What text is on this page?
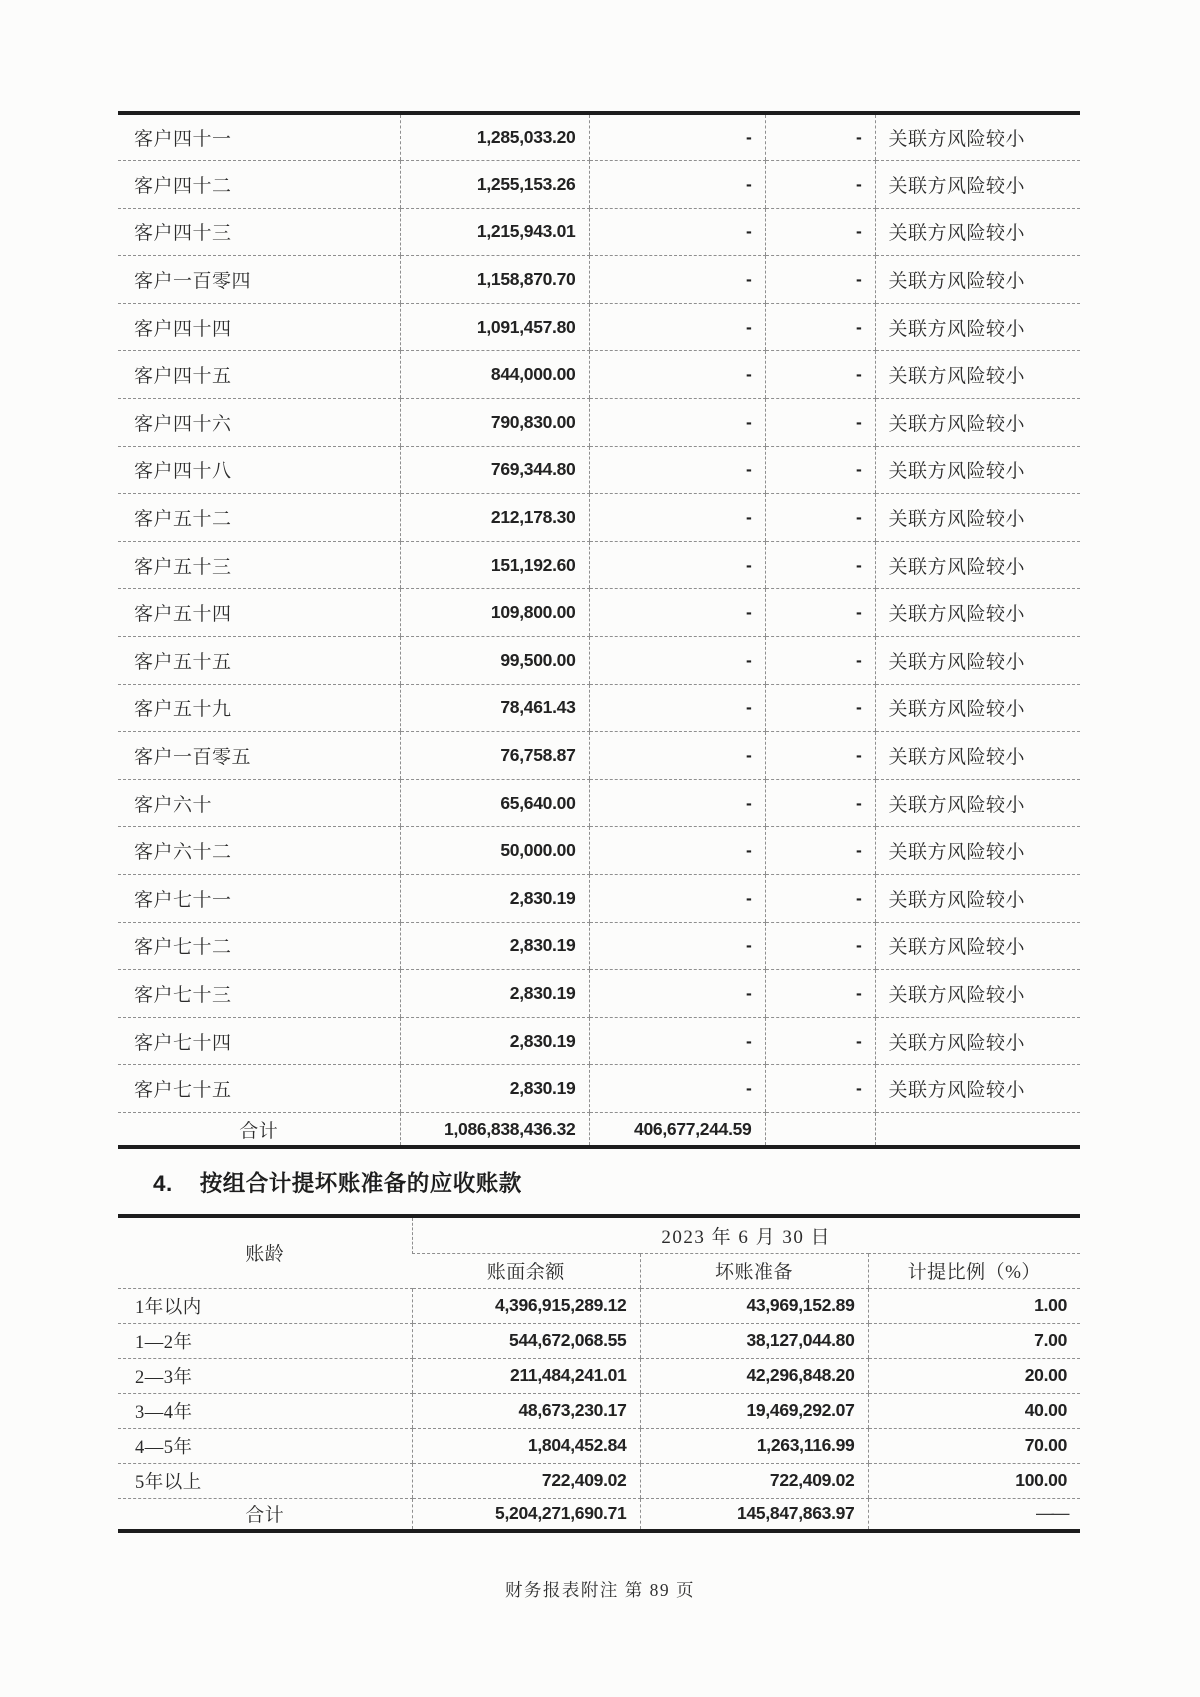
客户四十一	1,285,033.20	-	-	关联方风险较小
客户四十二	1,255,153.26	-	-	关联方风险较小
客户四十三	1,215,943.01	-	-	关联方风险较小
客户一百零四	1,158,870.70	-	-	关联方风险较小
客户四十四	1,091,457.80	-	-	关联方风险较小
客户四十五	844,000.00	-	-	关联方风险较小
客户四十六	790,830.00	-	-	关联方风险较小
客户四十八	769,344.80	-	-	关联方风险较小
客户五十二	212,178.30	-	-	关联方风险较小
客户五十三	151,192.60	-	-	关联方风险较小
客户五十四	109,800.00	-	-	关联方风险较小
客户五十五	99,500.00	-	-	关联方风险较小
客户五十九	78,461.43	-	-	关联方风险较小
客户一百零五	76,758.87	-	-	关联方风险较小
客户六十	65,640.00	-	-	关联方风险较小
客户六十二	50,000.00	-	-	关联方风险较小
客户七十一	2,830.19	-	-	关联方风险较小
客户七十二	2,830.19	-	-	关联方风险较小
客户七十三	2,830.19	-	-	关联方风险较小
客户七十四	2,830.19	-	-	关联方风险较小
客户七十五	2,830.19	-	-	关联方风险较小
合计	1,086,838,436.32	406,677,244.59		
4. 按组合计提坏账准备的应收账款
账龄	2023 年 6 月 30 日		
	账面余额	坏账准备	计提比例（%）
1年以内	4,396,915,289.12	43,969,152.89	1.00
1—2年	544,672,068.55	38,127,044.80	7.00
2—3年	211,484,241.01	42,296,848.20	20.00
3—4年	48,673,230.17	19,469,292.07	40.00
4—5年	1,804,452.84	1,263,116.99	70.00
5年以上	722,409.02	722,409.02	100.00
合计	5,204,271,690.71	145,847,863.97	——
财务报表附注 第 89 页
